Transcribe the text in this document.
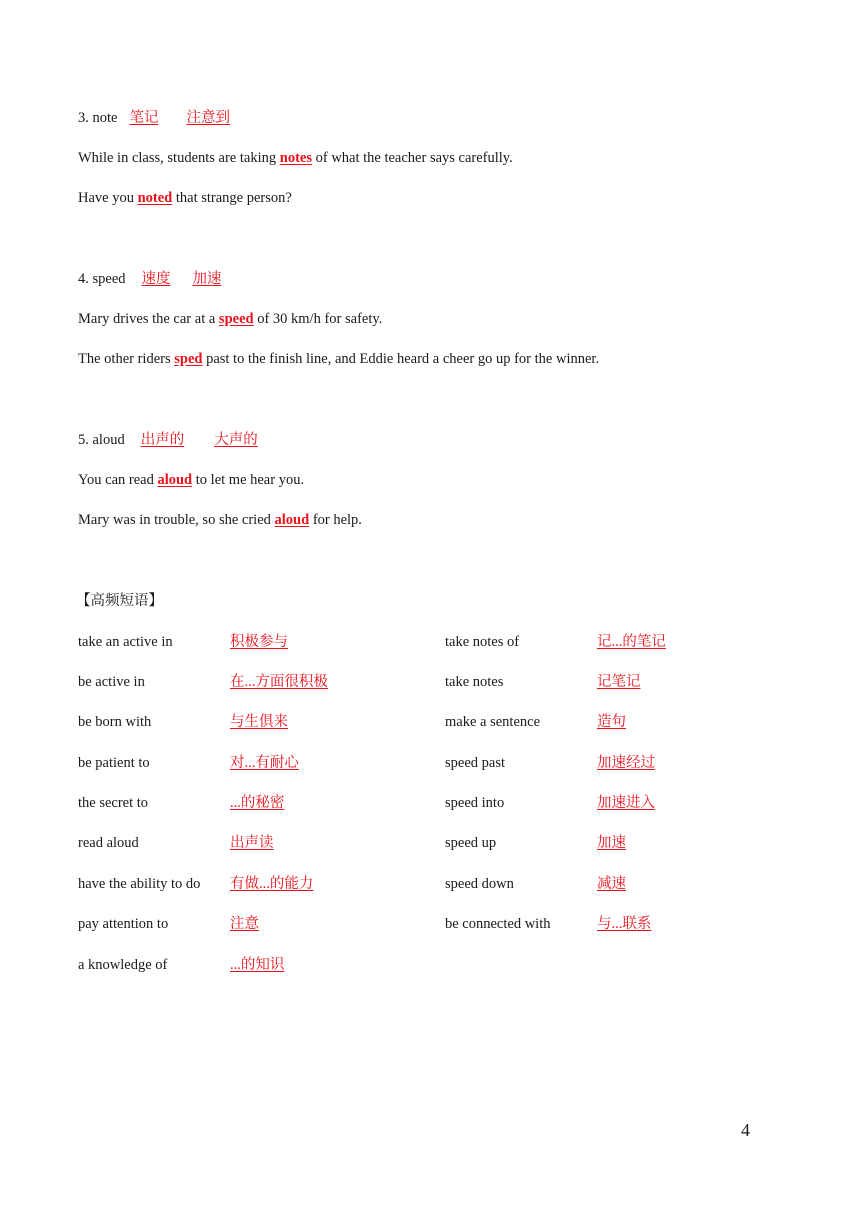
3. note 笔记 注意到
While in class, students are taking notes of what the teacher says carefully.
Have you noted that strange person?
4. speed 速度 加速
Mary drives the car at a speed of 30 km/h for safety.
The other riders sped past to the finish line, and Eddie heard a cheer go up for the winner.
5. aloud 出声的 大声的
You can read aloud to let me hear you.
Mary was in trouble, so she cried aloud for help.
【高频短语】
take an active in	积极参与	take notes of	记...的笔记
be active in	在...方面很积极	take notes	记笔记
be born with	与生俱来	make a sentence	造句
be patient to	对...有耐心	speed past	加速经过
the secret to	...的秘密	speed into	加速进入
read aloud	出声读	speed up	加速
have the ability to do 有做...的能力	speed down	减速
pay attention to	注意	be connected with	与...联系
a knowledge of	...的知识
4
